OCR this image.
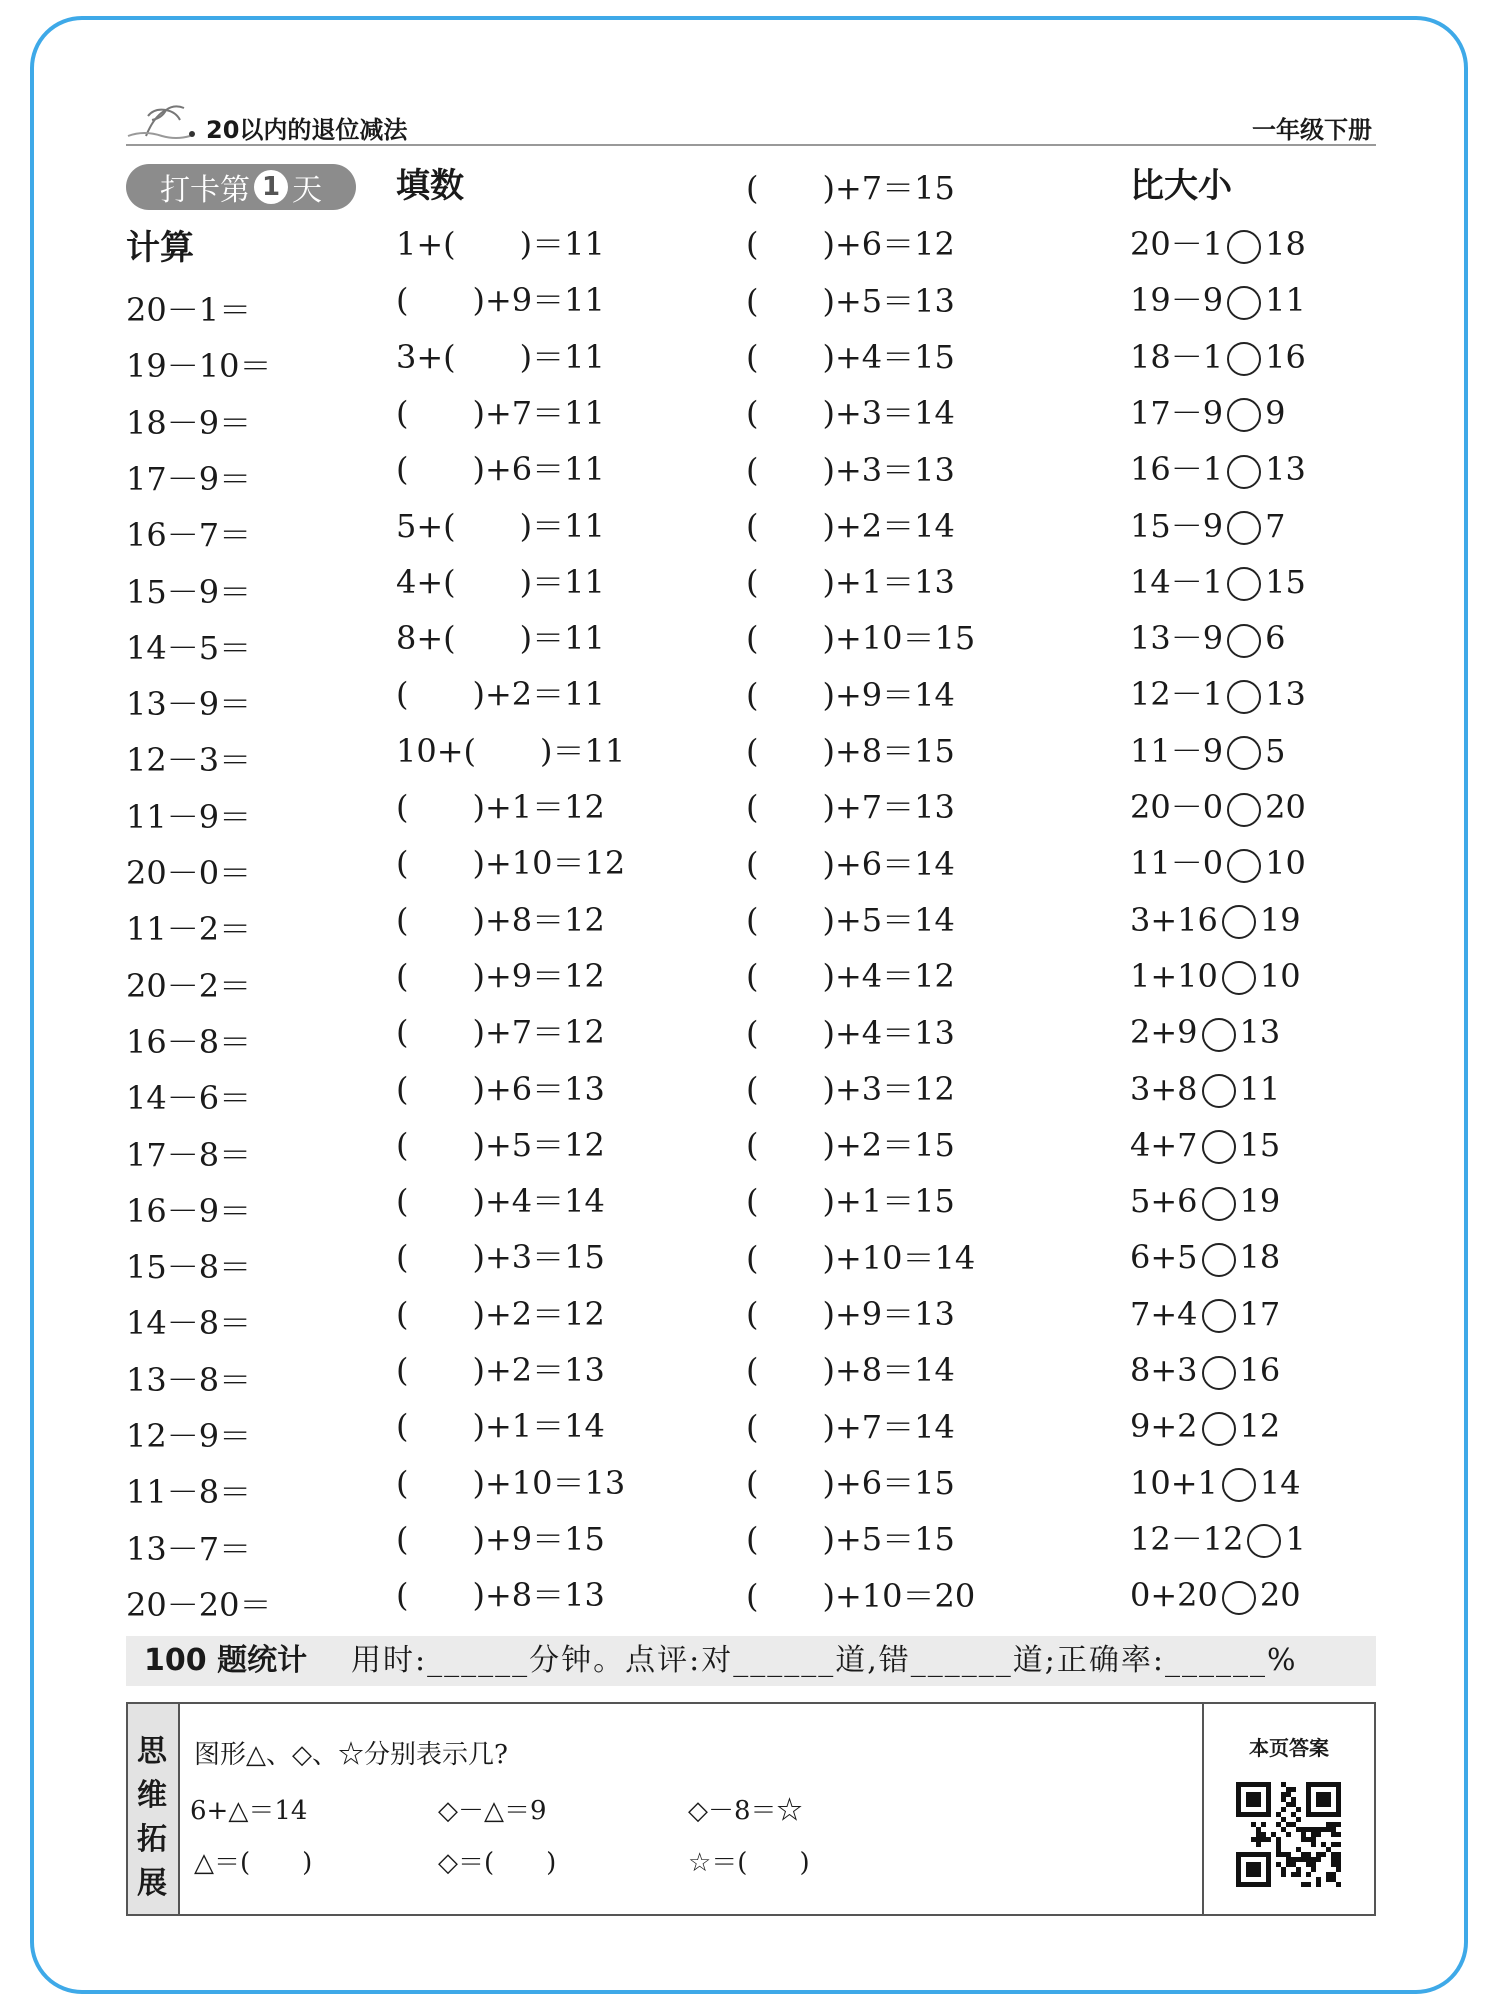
20以内的退位减法	一年级下册
打卡第 1 天
计算
填数	比大小
20－1＝
19－10＝
18－9＝
17－9＝
16－7＝
15－9＝
14－5＝
13－9＝
12－3＝
11－9＝
20－0＝
11－2＝
20－2＝
16－8＝
14－6＝
17－8＝
16－9＝
15－8＝
14－8＝
13－8＝
12－9＝
11－8＝
13－7＝
20－20＝
1+(　　)＝11
(　　)+9＝11
3+(　　)＝11
(　　)+7＝11
(　　)+6＝11
5+(　　)＝11
4+(　　)＝11
8+(　　)＝11
(　　)+2＝11
10+(　　)＝11
(　　)+1＝12
(　　)+10＝12
(　　)+8＝12
(　　)+9＝12
(　　)+7＝12
(　　)+6＝13
(　　)+5＝12
(　　)+4＝14
(　　)+3＝15
(　　)+2＝12
(　　)+2＝13
(　　)+1＝14
(　　)+10＝13
(　　)+9＝15
(　　)+8＝13
(　　)+7＝15
(　　)+6＝12
(　　)+5＝13
(　　)+4＝15
(　　)+3＝14
(　　)+3＝13
(　　)+2＝14
(　　)+1＝13
(　　)+10＝15
(　　)+9＝14
(　　)+8＝15
(　　)+7＝13
(　　)+6＝14
(　　)+5＝14
(　　)+4＝12
(　　)+4＝13
(　　)+3＝12
(　　)+2＝15
(　　)+1＝15
(　　)+10＝14
(　　)+9＝13
(　　)+8＝14
(　　)+7＝14
(　　)+6＝15
(　　)+5＝15
(　　)+10＝20
20－1 18
19－9 11
18－1 16
17－9 9
16－1 13
15－9 7
14－1 15
13－9 6
12－1 13
11－9 5
20－0 20
11－0 10
3+16 19
1+10 10
2+9 13
3+8 11
4+7 15
5+6 19
6+5 18
7+4 17
8+3 16
9+2 12
10+1 14
12－12 1
0+20 20
100 题统计 用时:______分钟。点评:对______道,错______道;正确率:______%
思
维
拓
展
图形△、◇、☆分别表示几?
6+△＝14	◇－△＝9	◇－8＝☆
△＝(　　)	◇＝(　　)	☆＝(　　)
本页答案
